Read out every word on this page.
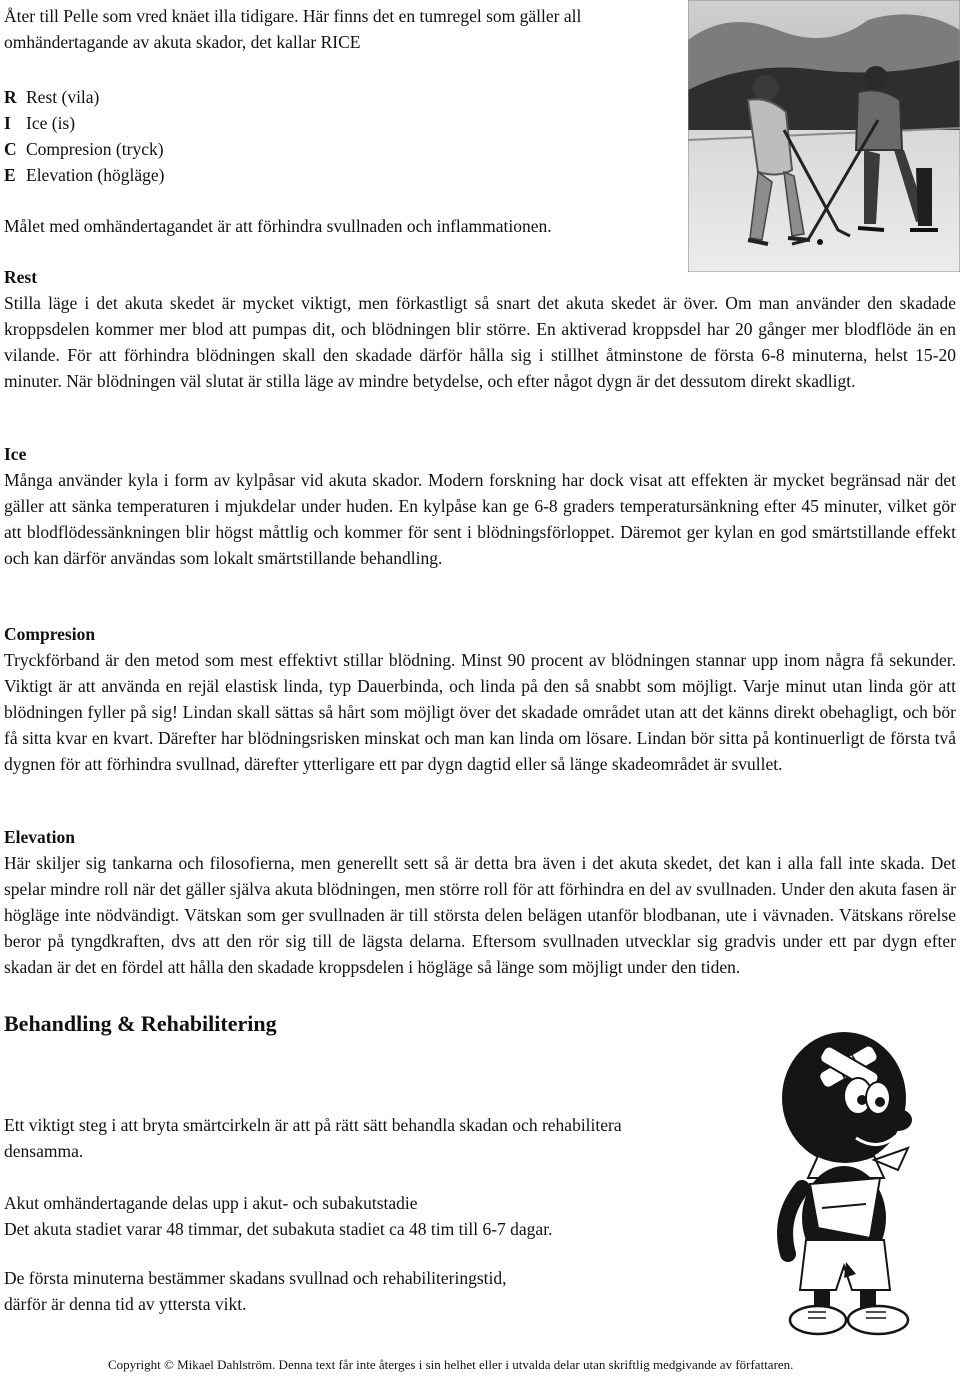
Åter till Pelle som vred knäet illa tidigare. Här finns det en tumregel som gäller all omhändertagande av akuta skador, det kallar RICE
R Rest (vila)
I Ice (is)
C Compresion (tryck)
E Elevation (högläge)
Målet med omhändertagandet är att förhindra svullnaden och inflammationen.
Rest
Stilla läge i det akuta skedet är mycket viktigt, men förkastligt så snart det akuta skedet är över. Om man använder den skadade kroppsdelen kommer mer blod att pumpas dit, och blödningen blir större. En aktiverad kroppsdel har 20 gånger mer blodflöde än en vilande. För att förhindra blödningen skall den skadade därför hålla sig i stillhet åtminstone de första 6-8 minuterna, helst 15-20 minuter. När blödningen väl slutat är stilla läge av mindre betydelse, och efter något dygn är det dessutom direkt skadligt.
Ice
Många använder kyla i form av kylpåsar vid akuta skador. Modern forskning har dock visat att effekten är mycket begränsad när det gäller att sänka temperaturen i mjukdelar under huden. En kylpåse kan ge 6-8 graders temperatursänkning efter 45 minuter, vilket gör att blodflödessänkningen blir högst måttlig och kommer för sent i blödningsförloppet. Däremot ger kylan en god smärtstillande effekt och kan därför användas som lokalt smärtstillande behandling.
Compresion
Tryckförband är den metod som mest effektivt stillar blödning. Minst 90 procent av blödningen stannar upp inom några få sekunder. Viktigt är att använda en rejäl elastisk linda, typ Dauerbinda, och linda på den så snabbt som möjligt. Varje minut utan linda gör att blödningen fyller på sig! Lindan skall sättas så hårt som möjligt över det skadade området utan att det känns direkt obehagligt, och bör få sitta kvar en kvart. Därefter har blödningsrisken minskat och man kan linda om lösare. Lindan bör sitta på kontinuerligt de första två dygnen för att förhindra svullnad, därefter ytterligare ett par dygn dagtid eller så länge skadeområdet är svullet.
Elevation
Här skiljer sig tankarna och filosofierna, men generellt sett så är detta bra även i det akuta skedet, det kan i alla fall inte skada. Det spelar mindre roll när det gäller själva akuta blödningen, men större roll för att förhindra en del av svullnaden. Under den akuta fasen är högläge inte nödvändigt. Vätskan som ger svullnaden är till största delen belägen utanför blodbanan, ute i vävnaden. Vätskans rörelse beror på tyngdkraften, dvs att den rör sig till de lägsta delarna. Eftersom svullnaden utvecklar sig gradvis under ett par dygn efter skadan är det en fördel att hålla den skadade kroppsdelen i högläge så länge som möjligt under den tiden.
Behandling & Rehabilitering
Ett viktigt steg i att bryta smärtcirkeln är att på rätt sätt behandla skadan och rehabilitera
densamma.
Akut omhändertagande delas upp i akut- och subakutstadie
Det akuta stadiet varar 48 timmar, det subakuta stadiet ca 48 tim till 6-7 dagar.
De första minuterna bestämmer skadans svullnad och rehabiliteringstid,
därför är denna tid av yttersta vikt.
Copyright © Mikael Dahlström. Denna text får inte återges i sin helhet eller i utvalda delar utan skriftlig medgivande av författaren.
